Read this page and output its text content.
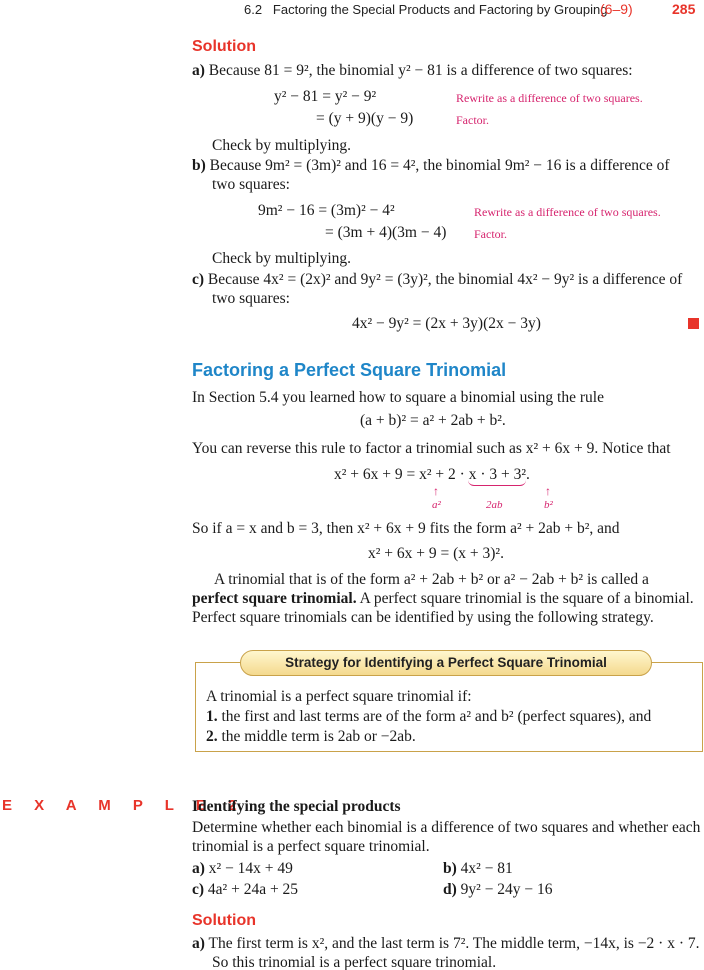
6.2 Factoring the Special Products and Factoring by Grouping
(6–9)	285
Solution
a) Because 81 = 9², the binomial y² − 81 is a difference of two squares:
y² − 81 = y² − 9²	Rewrite as a difference of two squares.
= (y + 9)(y − 9)	Factor.
Check by multiplying.
b) Because 9m² = (3m)² and 16 = 4², the binomial 9m² − 16 is a difference of
two squares:
9m² − 16 = (3m)² − 4²	Rewrite as a difference of two squares.
= (3m + 4)(3m − 4) Factor.
Check by multiplying.
c) Because 4x² = (2x)² and 9y² = (3y)², the binomial 4x² − 9y² is a difference of
two squares:
4x² − 9y² = (2x + 3y)(2x − 3y)
Factoring a Perfect Square Trinomial
In Section 5.4 you learned how to square a binomial using the rule
(a + b)² = a² + 2ab + b².
You can reverse this rule to factor a trinomial such as x² + 6x + 9. Notice that
x² + 6x + 9 = x² + 2 · x · 3 + 3².
↑	↑
a²	2ab	b²
So if a = x and b = 3, then x² + 6x + 9 fits the form a² + 2ab + b², and
x² + 6x + 9 = (x + 3)².
A trinomial that is of the form a² + 2ab + b² or a² − 2ab + b² is called a
perfect square trinomial. A perfect square trinomial is the square of a binomial.
Perfect square trinomials can be identified by using the following strategy.
Strategy for Identifying a Perfect Square Trinomial
A trinomial is a perfect square trinomial if:
1. the first and last terms are of the form a² and b² (perfect squares), and
2. the middle term is 2ab or −2ab.
E X A M P L E 2
Identifying the special products
Determine whether each binomial is a difference of two squares and whether each
trinomial is a perfect square trinomial.
a) x² − 14x + 49	b) 4x² − 81
c) 4a² + 24a + 25	d) 9y² − 24y − 16
Solution
a) The first term is x², and the last term is 7². The middle term, −14x, is −2 · x · 7.
So this trinomial is a perfect square trinomial.
